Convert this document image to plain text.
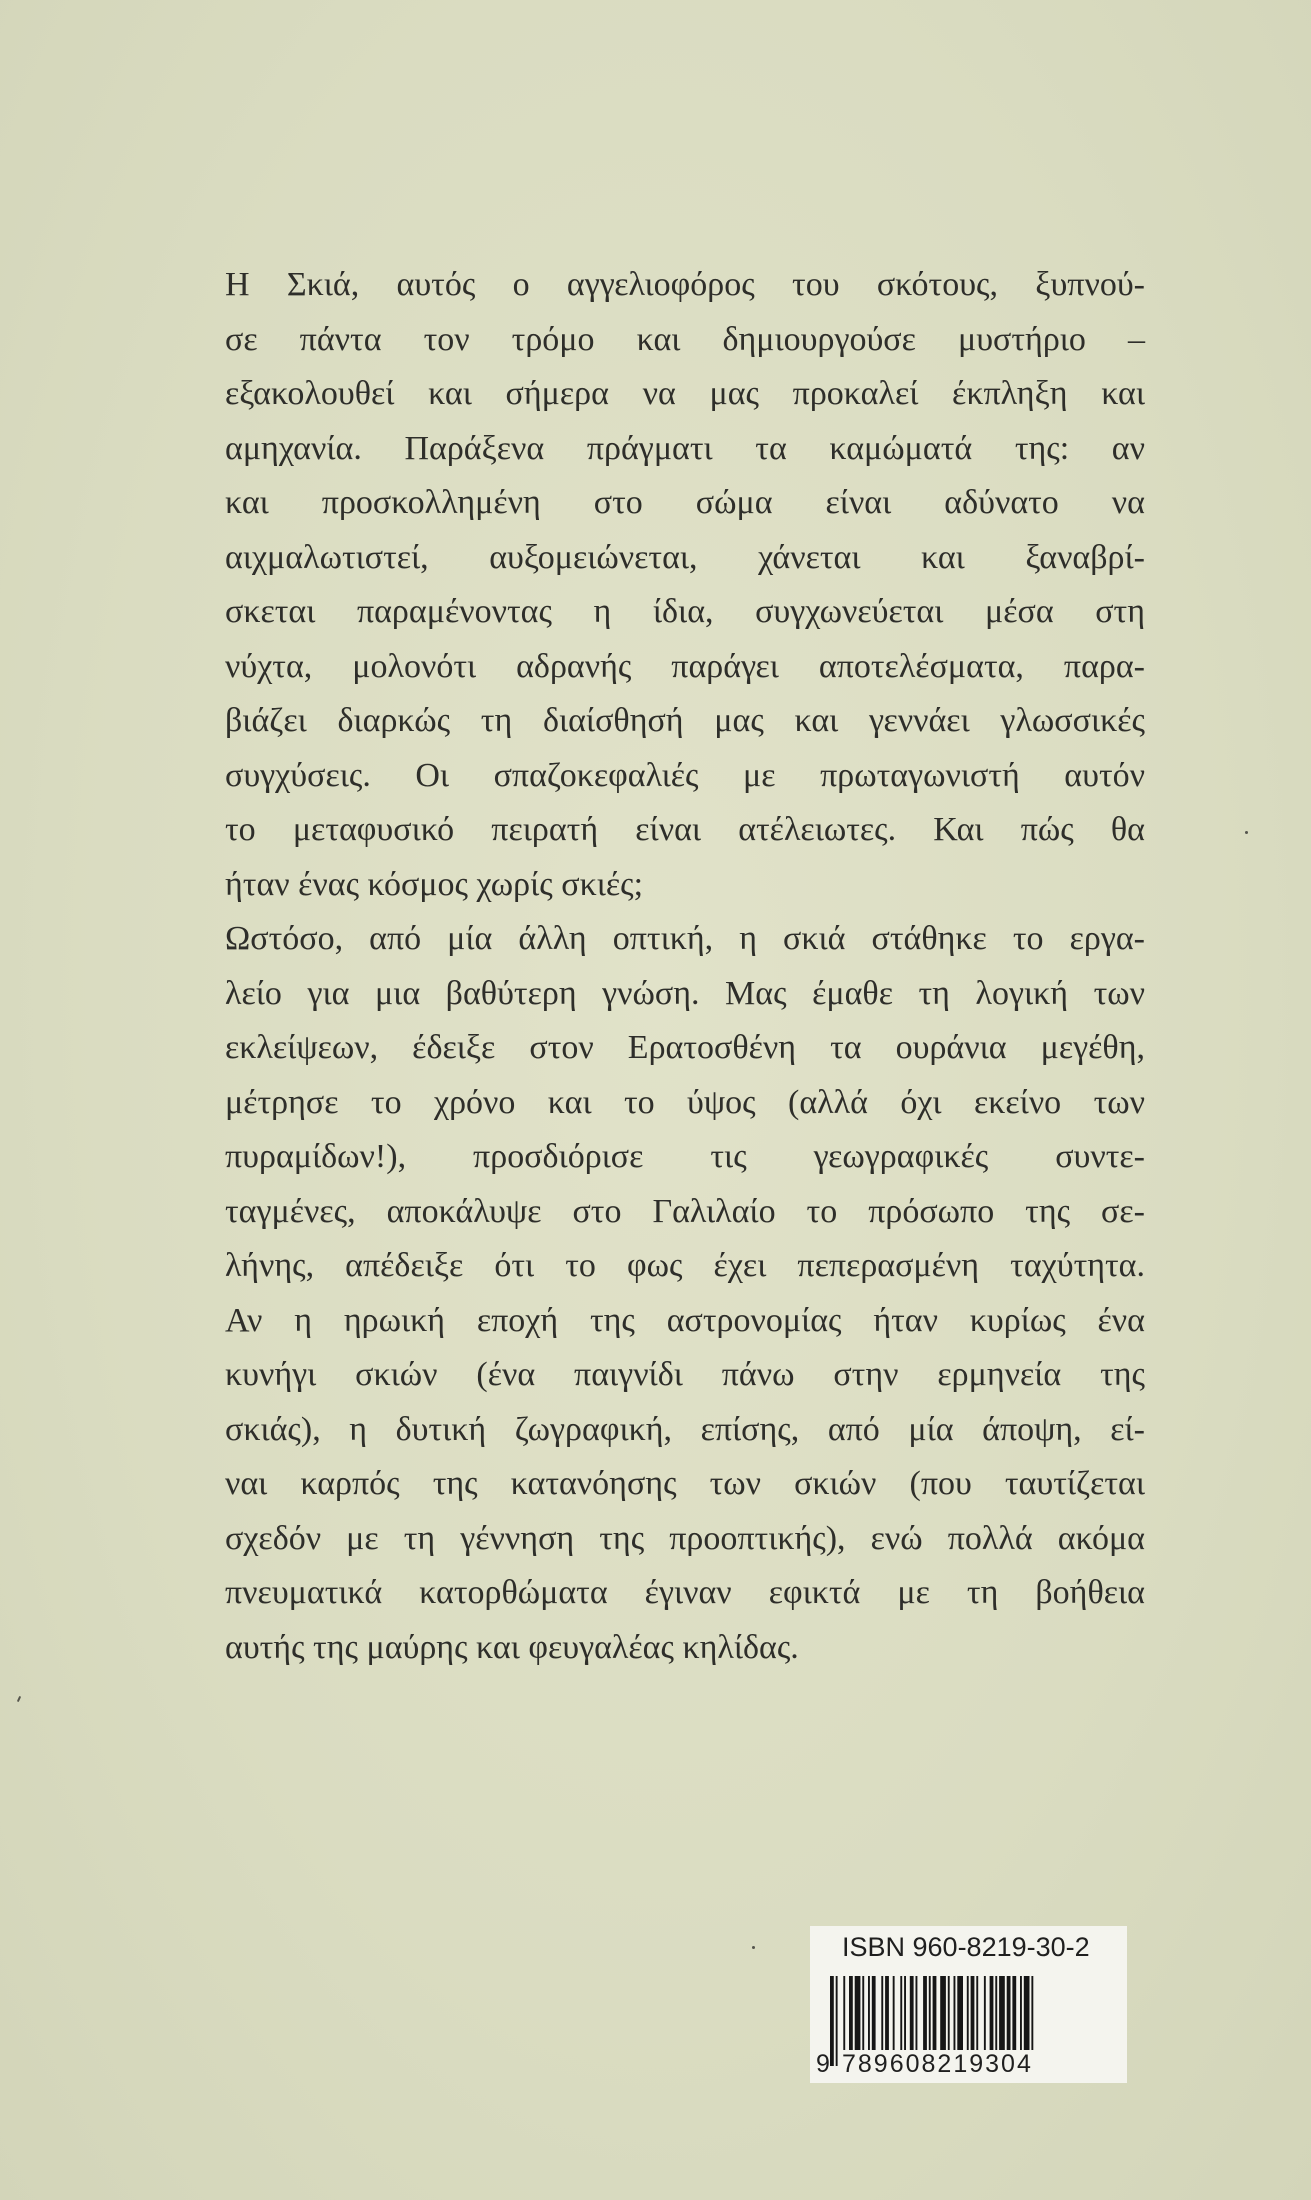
Η Σκιά, αυτός ο αγγελιοφόρος του σκότους, ξυπνού-
σε πάντα τον τρόμο και δημιουργούσε μυστήριο –
εξακολουθεί και σήμερα να μας προκαλεί έκπληξη και
αμηχανία. Παράξενα πράγματι τα καμώματά της: αν
και προσκολλημένη στο σώμα είναι αδύνατο να
αιχμαλωτιστεί, αυξομειώνεται, χάνεται και ξαναβρί-
σκεται παραμένοντας η ίδια, συγχωνεύεται μέσα στη
νύχτα, μολονότι αδρανής παράγει αποτελέσματα, παρα-
βιάζει διαρκώς τη διαίσθησή μας και γεννάει γλωσσικές
συγχύσεις. Οι σπαζοκεφαλιές με πρωταγωνιστή αυτόν
το μεταφυσικό πειρατή είναι ατέλειωτες. Και πώς θα
ήταν ένας κόσμος χωρίς σκιές;
Ωστόσο, από μία άλλη οπτική, η σκιά στάθηκε το εργα-
λείο για μια βαθύτερη γνώση. Μας έμαθε τη λογική των
εκλείψεων, έδειξε στον Ερατοσθένη τα ουράνια μεγέθη,
μέτρησε το χρόνο και το ύψος (αλλά όχι εκείνο των
πυραμίδων!), προσδιόρισε τις γεωγραφικές συντε-
ταγμένες, αποκάλυψε στο Γαλιλαίο το πρόσωπο της σε-
λήνης, απέδειξε ότι το φως έχει πεπερασμένη ταχύτητα.
Αν η ηρωική εποχή της αστρονομίας ήταν κυρίως ένα
κυνήγι σκιών (ένα παιγνίδι πάνω στην ερμηνεία της
σκιάς), η δυτική ζωγραφική, επίσης, από μία άποψη, εί-
ναι καρπός της κατανόησης των σκιών (που ταυτίζεται
σχεδόν με τη γέννηση της προοπτικής), ενώ πολλά ακόμα
πνευματικά κατορθώματα έγιναν εφικτά με τη βοήθεια
αυτής της μαύρης και φευγαλέας κηλίδας.
ISBN 960-8219-30-2
9 789608219304
